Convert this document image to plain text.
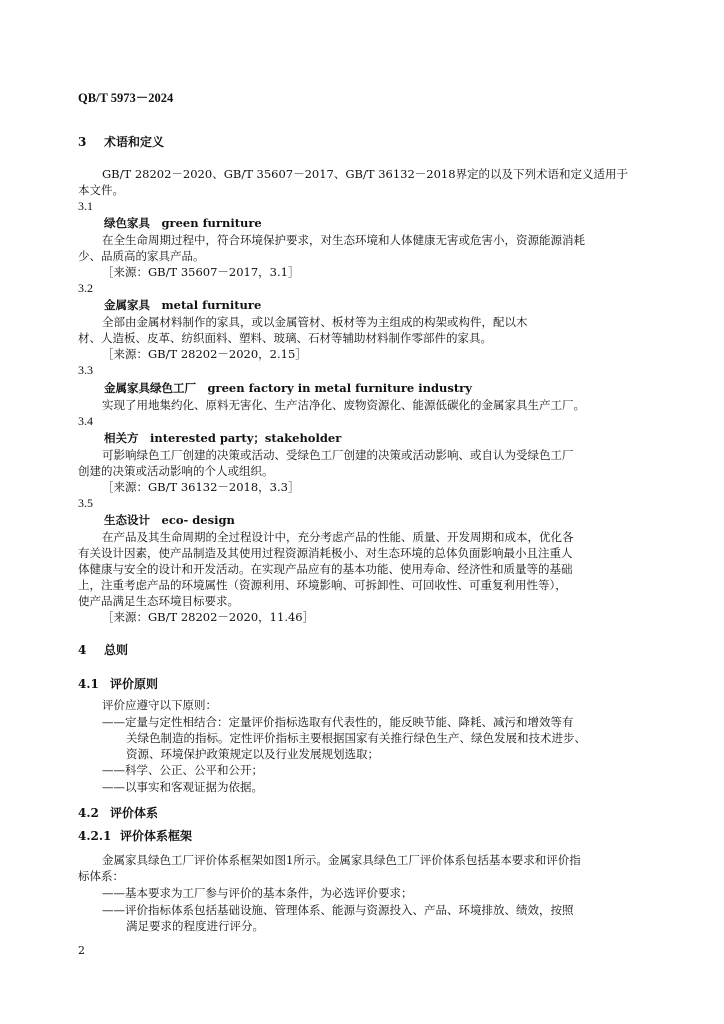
QB/T 5973－2024
3 术语和定义
GB/T 28202－2020、GB/T 35607－2017、GB/T 36132－2018界定的以及下列术语和定义适用于
本文件。
3.1
绿色家具　green furniture
在全生命周期过程中，符合环境保护要求，对生态环境和人体健康无害或危害小，资源能源消耗
少、品质高的家具产品。
［来源：GB/T 35607－2017，3.1］
3.2
金属家具　metal furniture
全部由金属材料制作的家具，或以金属管材、板材等为主组成的构架或构件，配以木
材、人造板、皮革、纺织面料、塑料、玻璃、石材等辅助材料制作零部件的家具。
［来源：GB/T 28202－2020，2.15］
3.3
金属家具绿色工厂　green factory in metal furniture industry
实现了用地集约化、原料无害化、生产洁净化、废物资源化、能源低碳化的金属家具生产工厂。
3.4
相关方　interested party；stakeholder
可影响绿色工厂创建的决策或活动、受绿色工厂创建的决策或活动影响、或自认为受绿色工厂
创建的决策或活动影响的个人或组织。
［来源：GB/T 36132－2018，3.3］
3.5
生态设计　eco- design
在产品及其生命周期的全过程设计中，充分考虑产品的性能、质量、开发周期和成本，优化各
有关设计因素，使产品制造及其使用过程资源消耗极小、对生态环境的总体负面影响最小且注重人
体健康与安全的设计和开发活动。在实现产品应有的基本功能、使用寿命、经济性和质量等的基础
上，注重考虑产品的环境属性（资源利用、环境影响、可拆卸性、可回收性、可重复利用性等），
使产品满足生态环境目标要求。
［来源：GB/T 28202－2020，11.46］
4 总则
4.1 评价原则
评价应遵守以下原则：
——定量与定性相结合：定量评价指标选取有代表性的，能反映节能、降耗、减污和增效等有
关绿色制造的指标。定性评价指标主要根据国家有关推行绿色生产、绿色发展和技术进步、
资源、环境保护政策规定以及行业发展规划选取；
——科学、公正、公平和公开；
——以事实和客观证据为依据。
4.2 评价体系
4.2.1 评价体系框架
金属家具绿色工厂评价体系框架如图1所示。金属家具绿色工厂评价体系包括基本要求和评价指
标体系：
——基本要求为工厂参与评价的基本条件，为必选评价要求；
——评价指标体系包括基础设施、管理体系、能源与资源投入、产品、环境排放、绩效，按照
满足要求的程度进行评分。
2
